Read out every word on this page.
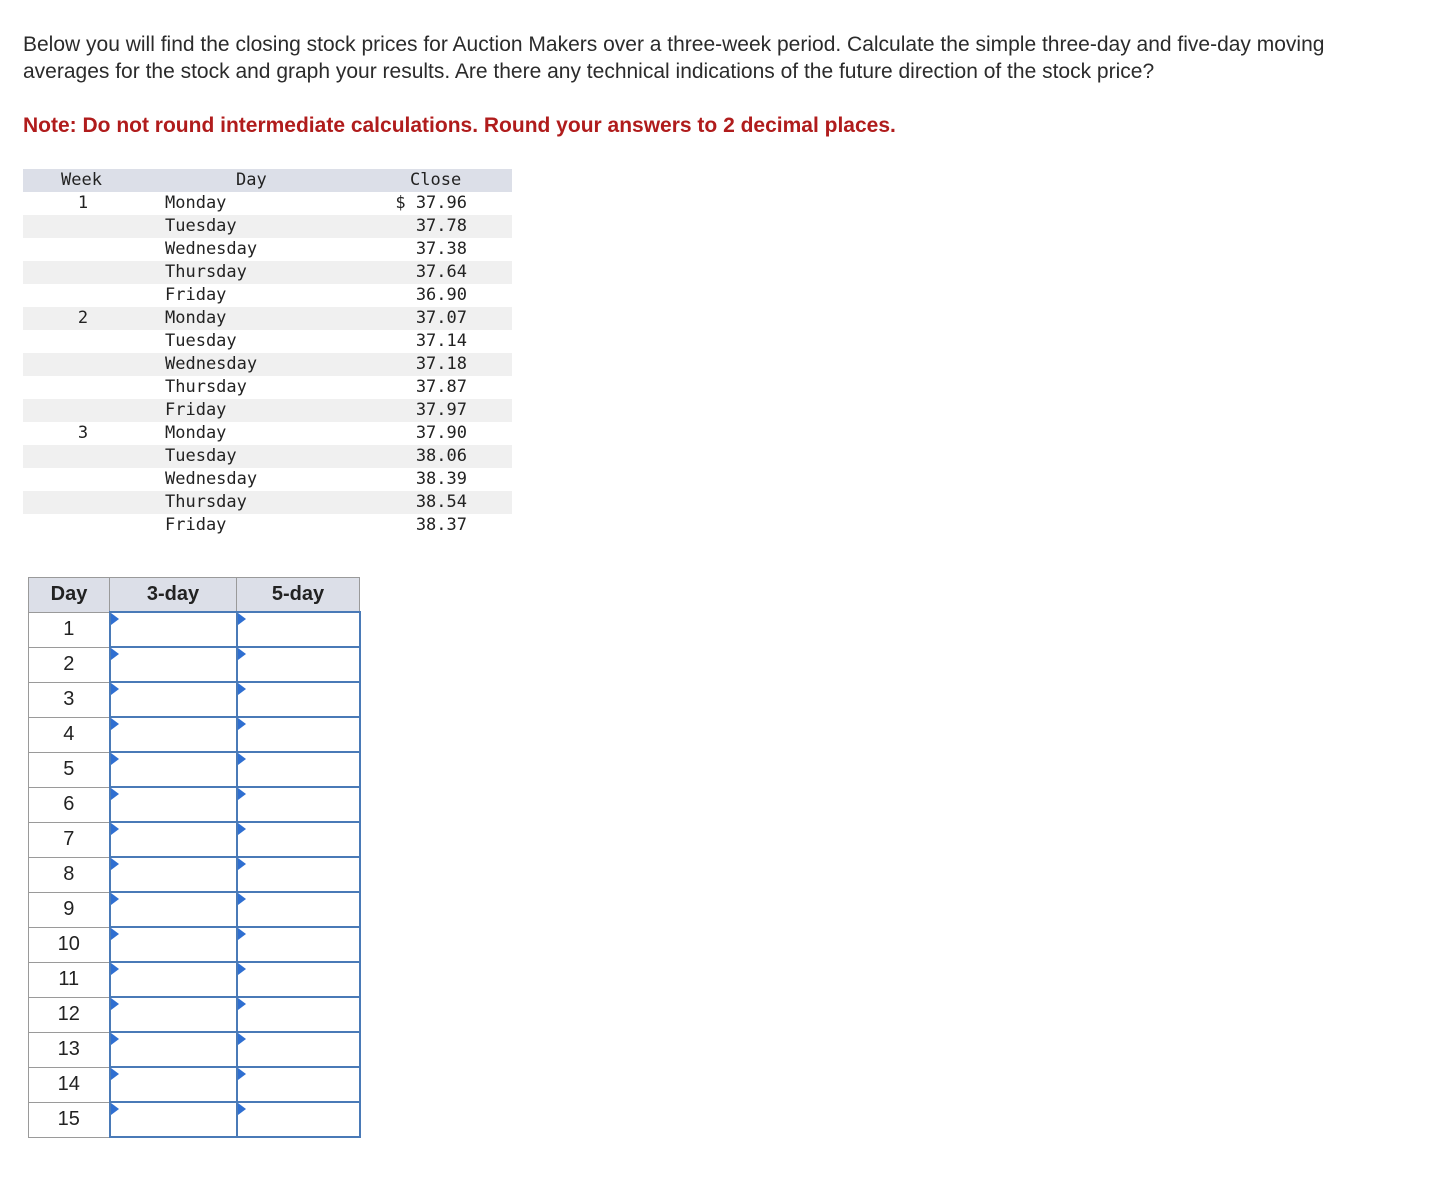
Below you will find the closing stock prices for Auction Makers over a three-week period. Calculate the simple three-day and five-day moving averages for the stock and graph your results. Are there any technical indications of the future direction of the stock price?
Note: Do not round intermediate calculations. Round your answers to 2 decimal places.
Week	Day	Close
1	Monday	$ 37.96
Tuesday	37.78
Wednesday	37.38
Thursday	37.64
Friday	36.90
2	Monday	37.07
Tuesday	37.14
Wednesday	37.18
Thursday	37.87
Friday	37.97
3	Monday	37.90
Tuesday	38.06
Wednesday	38.39
Thursday	38.54
Friday	38.37
Day	3-day	5-day
1	

2	

3	

4	

5	

6	

7	

8	

9	

10	

11	

12	

13	

14	

15	
